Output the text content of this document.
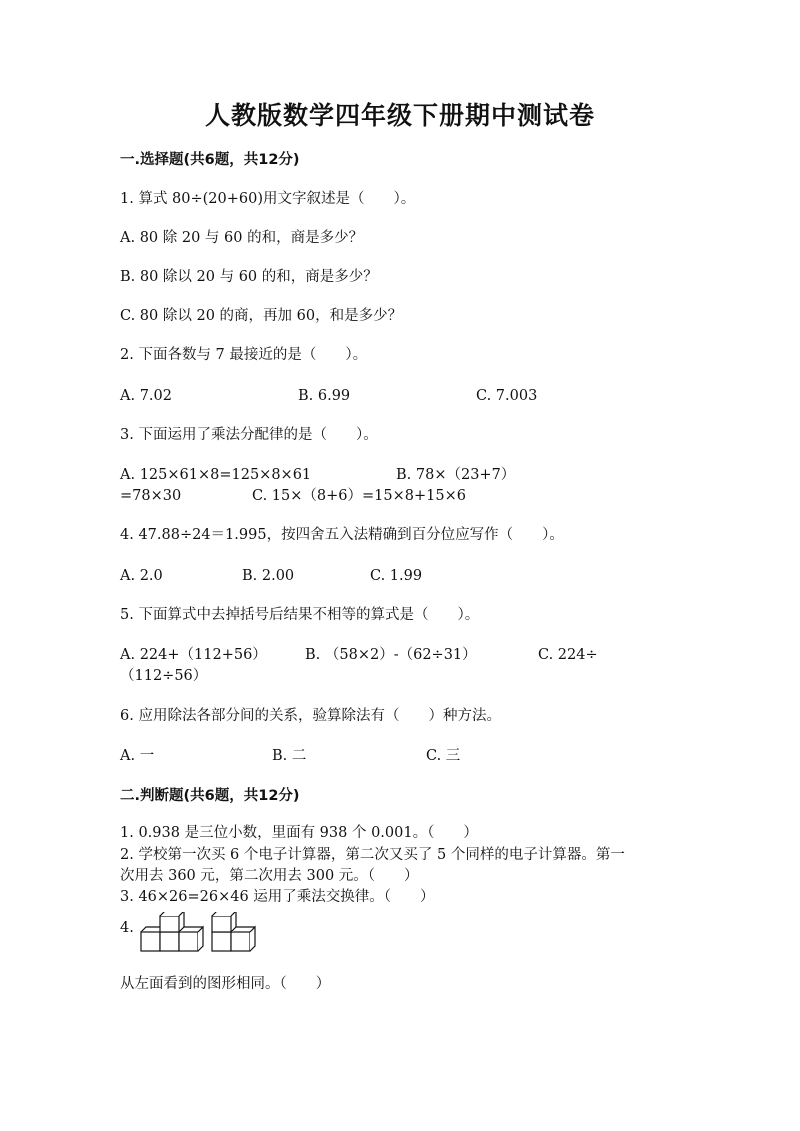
人教版数学四年级下册期中测试卷
一.选择题(共6题，共12分)
1. 算式 80÷(20+60)用文字叙述是（　　）。
A. 80 除 20 与 60 的和，商是多少？
B. 80 除以 20 与 60 的和，商是多少？
C. 80 除以 20 的商，再加 60，和是多少？
2. 下面各数与 7 最接近的是（　　）。
A. 7.02	B. 6.99	C. 7.003
3. 下面运用了乘法分配律的是（　　）。
A. 125×61×8=125×8×61	B. 78×（23+7）
=78×30	C. 15×（8+6）=15×8+15×6
4. 47.88÷24＝1.995，按四舍五入法精确到百分位应写作（　　）。
A. 2.0	B. 2.00	C. 1.99
5. 下面算式中去掉括号后结果不相等的算式是（　　）。
A. 224+（112+56）	B. （58×2）-（62÷31）	C. 224÷
（112÷56）
6. 应用除法各部分间的关系，验算除法有（　　）种方法。
A. 一	B. 二	C. 三
二.判断题(共6题，共12分)
1. 0.938 是三位小数，里面有 938 个 0.001。（　　）
2. 学校第一次买 6 个电子计算器，第二次又买了 5 个同样的电子计算器。第一
次用去 360 元，第二次用去 300 元。（　　）
3. 46×26=26×46 运用了乘法交换律。（　　）
4.
从左面看到的图形相同。（　　）
